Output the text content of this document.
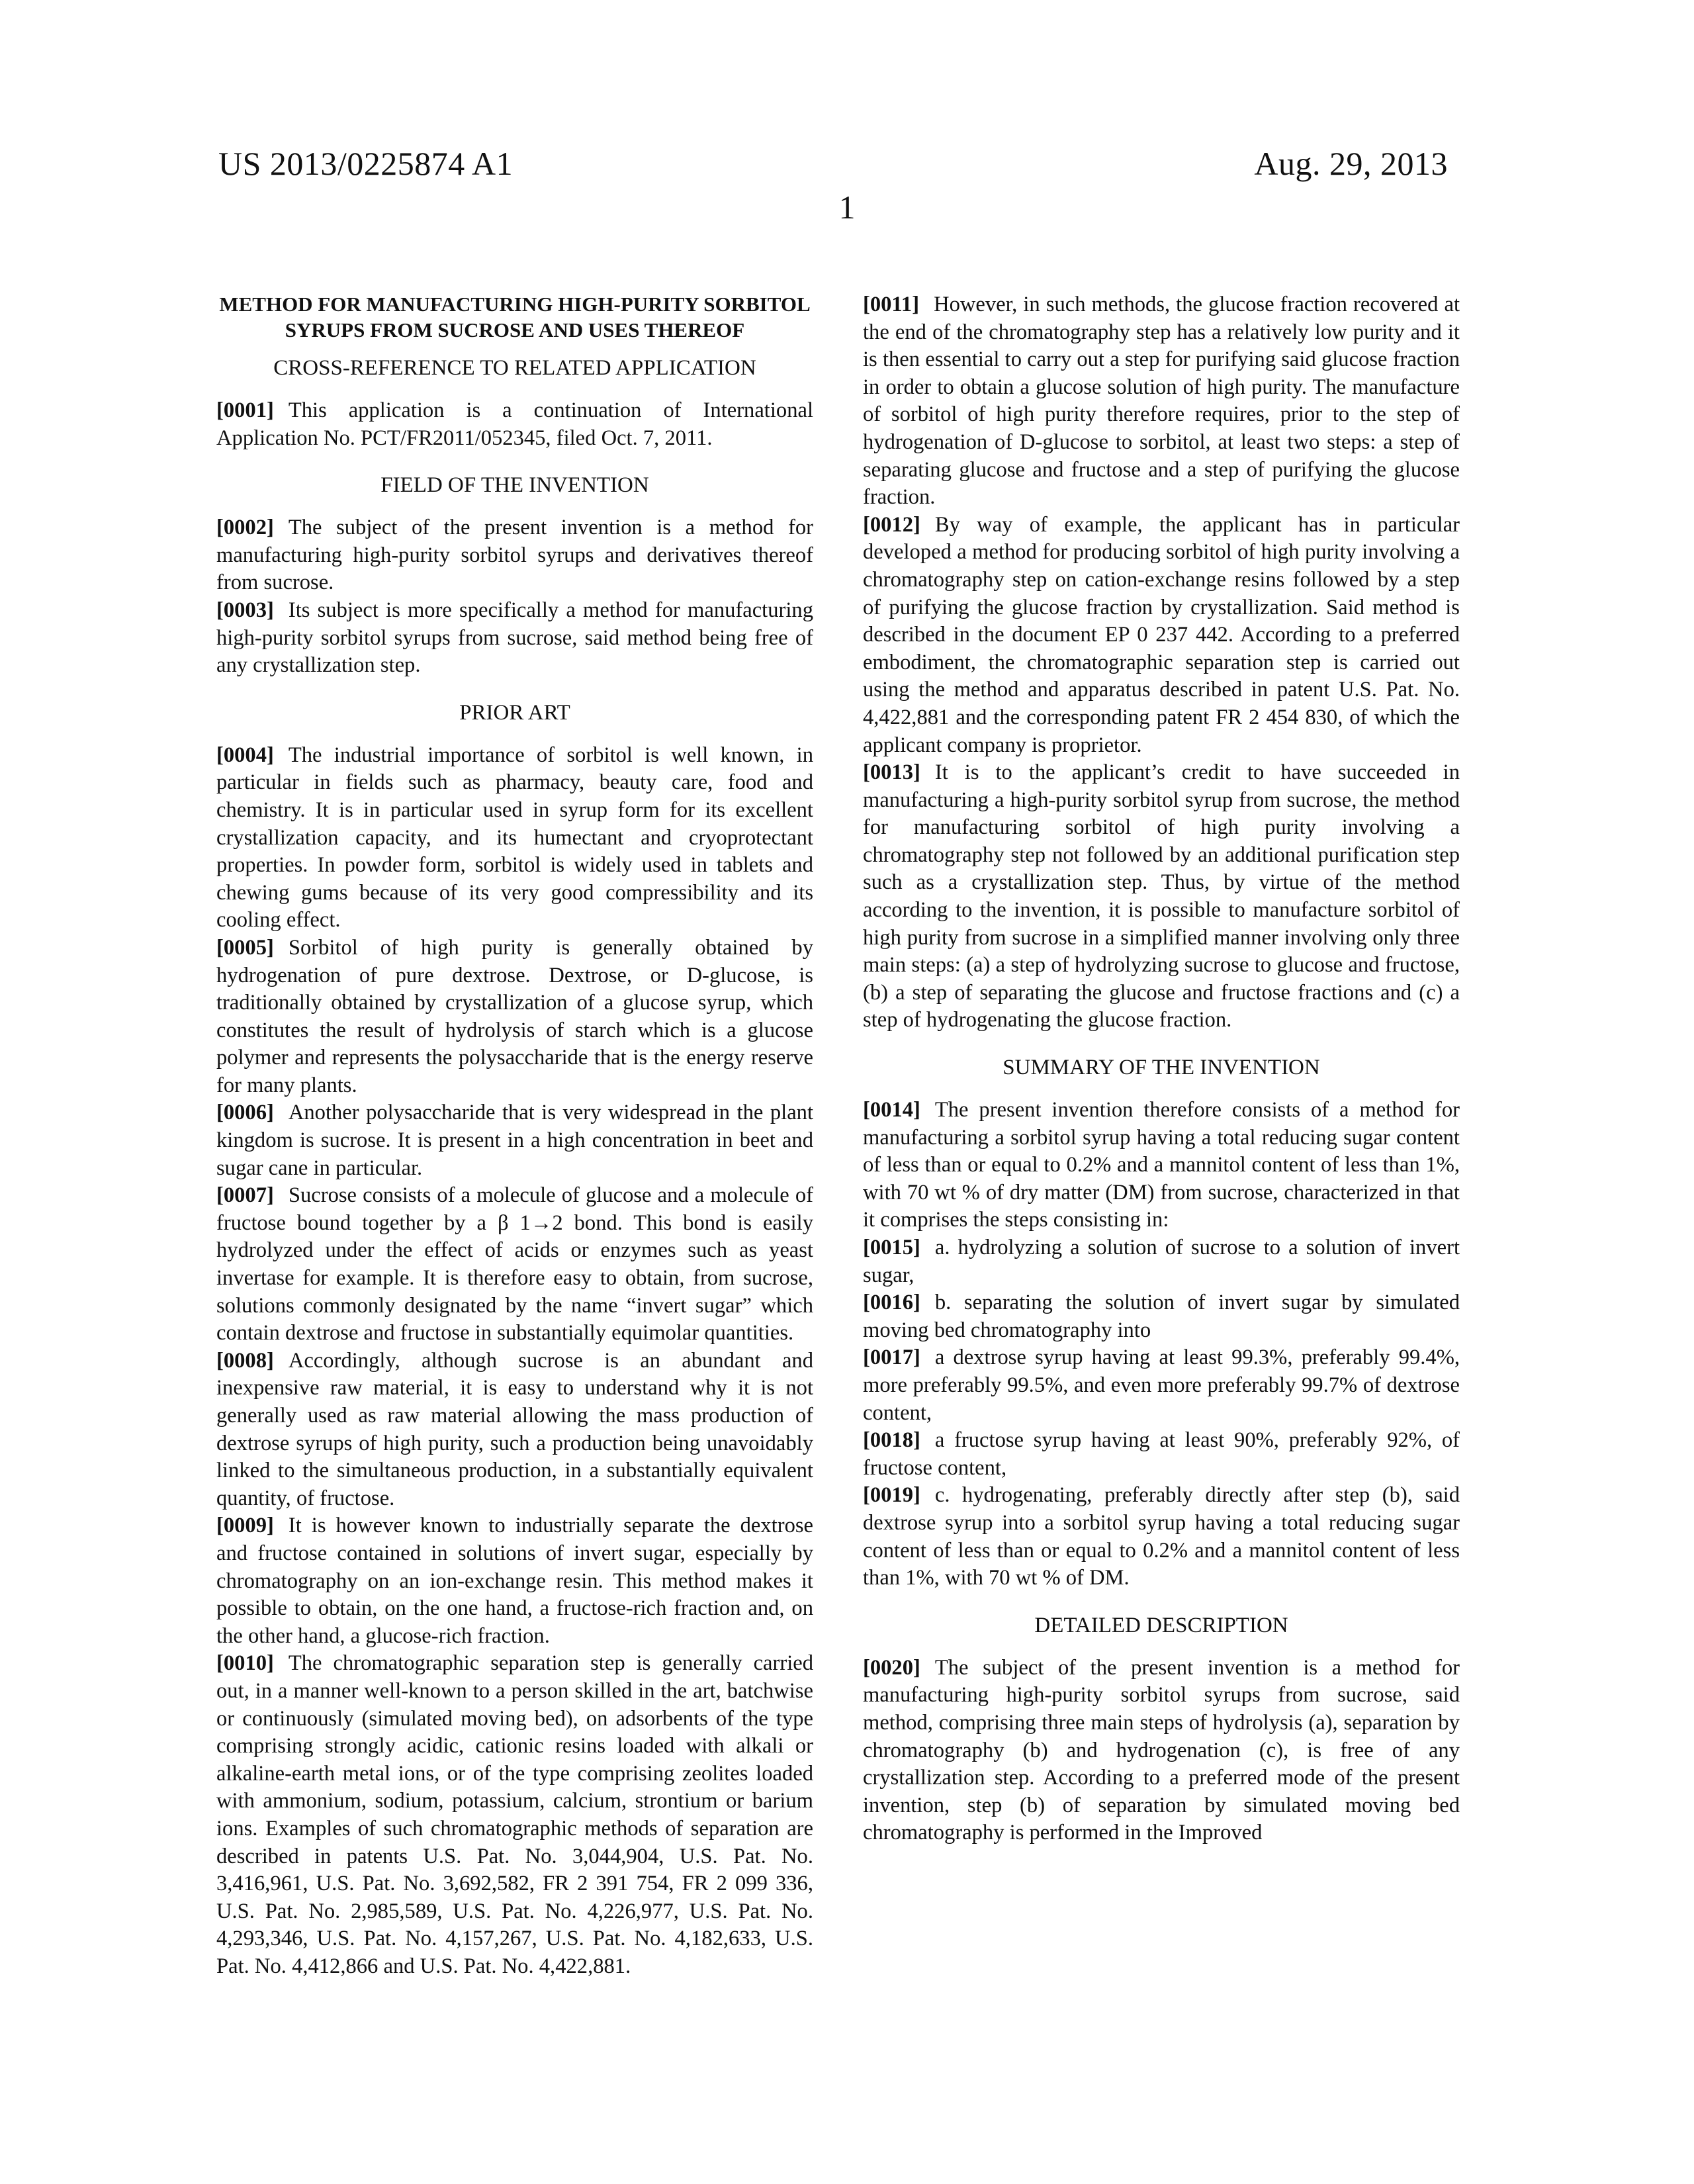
US 2013/0225874 A1	Aug. 29, 2013
1
METHOD FOR MANUFACTURING HIGH-PURITY SORBITOL SYRUPS FROM SUCROSE AND USES THEREOF
CROSS-REFERENCE TO RELATED APPLICATION

[0001] This application is a continuation of International Application No. PCT/FR2011/052345, filed Oct. 7, 2011.

FIELD OF THE INVENTION

[0002] The subject of the present invention is a method for manufacturing high-purity sorbitol syrups and derivatives thereof from sucrose.

[0003] Its subject is more specifically a method for manufacturing high-purity sorbitol syrups from sucrose, said method being free of any crystallization step.

PRIOR ART

[0004] The industrial importance of sorbitol is well known, in particular in fields such as pharmacy, beauty care, food and chemistry. It is in particular used in syrup form for its excellent crystallization capacity, and its humectant and cryoprotectant properties. In powder form, sorbitol is widely used in tablets and chewing gums because of its very good compressibility and its cooling effect.

[0005] Sorbitol of high purity is generally obtained by hydrogenation of pure dextrose. Dextrose, or D-glucose, is traditionally obtained by crystallization of a glucose syrup, which constitutes the result of hydrolysis of starch which is a glucose polymer and represents the polysaccharide that is the energy reserve for many plants.

[0006] Another polysaccharide that is very widespread in the plant kingdom is sucrose. It is present in a high concentration in beet and sugar cane in particular.

[0007] Sucrose consists of a molecule of glucose and a molecule of fructose bound together by a β 1→2 bond. This bond is easily hydrolyzed under the effect of acids or enzymes such as yeast invertase for example. It is therefore easy to obtain, from sucrose, solutions commonly designated by the name “invert sugar” which contain dextrose and fructose in substantially equimolar quantities.

[0008] Accordingly, although sucrose is an abundant and inexpensive raw material, it is easy to understand why it is not generally used as raw material allowing the mass production of dextrose syrups of high purity, such a production being unavoidably linked to the simultaneous production, in a substantially equivalent quantity, of fructose.

[0009] It is however known to industrially separate the dextrose and fructose contained in solutions of invert sugar, especially by chromatography on an ion-exchange resin. This method makes it possible to obtain, on the one hand, a fructose-rich fraction and, on the other hand, a glucose-rich fraction.

[0010] The chromatographic separation step is generally carried out, in a manner well-known to a person skilled in the art, batchwise or continuously (simulated moving bed), on adsorbents of the type comprising strongly acidic, cationic resins loaded with alkali or alkaline-earth metal ions, or of the type comprising zeolites loaded with ammonium, sodium, potassium, calcium, strontium or barium ions. Examples of such chromatographic methods of separation are described in patents U.S. Pat. No. 3,044,904, U.S. Pat. No. 3,416,961, U.S. Pat. No. 3,692,582, FR 2 391 754, FR 2 099 336, U.S. Pat. No. 2,985,589, U.S. Pat. No. 4,226,977, U.S. Pat. No. 4,293,346, U.S. Pat. No. 4,157,267, U.S. Pat. No. 4,182,633, U.S. Pat. No. 4,412,866 and U.S. Pat. No. 4,422,881.

[0011] However, in such methods, the glucose fraction recovered at the end of the chromatography step has a relatively low purity and it is then essential to carry out a step for purifying said glucose fraction in order to obtain a glucose solution of high purity. The manufacture of sorbitol of high purity therefore requires, prior to the step of hydrogenation of D-glucose to sorbitol, at least two steps: a step of separating glucose and fructose and a step of purifying the glucose fraction.

[0012] By way of example, the applicant has in particular developed a method for producing sorbitol of high purity involving a chromatography step on cation-exchange resins followed by a step of purifying the glucose fraction by crystallization. Said method is described in the document EP 0 237 442. According to a preferred embodiment, the chromatographic separation step is carried out using the method and apparatus described in patent U.S. Pat. No. 4,422,881 and the corresponding patent FR 2 454 830, of which the applicant company is proprietor.

[0013] It is to the applicant’s credit to have succeeded in manufacturing a high-purity sorbitol syrup from sucrose, the method for manufacturing sorbitol of high purity involving a chromatography step not followed by an additional purification step such as a crystallization step. Thus, by virtue of the method according to the invention, it is possible to manufacture sorbitol of high purity from sucrose in a simplified manner involving only three main steps: (a) a step of hydrolyzing sucrose to glucose and fructose, (b) a step of separating the glucose and fructose fractions and (c) a step of hydrogenating the glucose fraction.

SUMMARY OF THE INVENTION

[0014] The present invention therefore consists of a method for manufacturing a sorbitol syrup having a total reducing sugar content of less than or equal to 0.2% and a mannitol content of less than 1%, with 70 wt % of dry matter (DM) from sucrose, characterized in that it comprises the steps consisting in:

[0015] a. hydrolyzing a solution of sucrose to a solution of invert sugar,

[0016] b. separating the solution of invert sugar by simulated moving bed chromatography into

[0017] a dextrose syrup having at least 99.3%, preferably 99.4%, more preferably 99.5%, and even more preferably 99.7% of dextrose content,

[0018] a fructose syrup having at least 90%, preferably 92%, of fructose content,

[0019] c. hydrogenating, preferably directly after step (b), said dextrose syrup into a sorbitol syrup having a total reducing sugar content of less than or equal to 0.2% and a mannitol content of less than 1%, with 70 wt % of DM.

DETAILED DESCRIPTION

[0020] The subject of the present invention is a method for manufacturing high-purity sorbitol syrups from sucrose, said method, comprising three main steps of hydrolysis (a), separation by chromatography (b) and hydrogenation (c), is free of any crystallization step. According to a preferred mode of the present invention, step (b) of separation by simulated moving bed chromatography is performed in the Improved
